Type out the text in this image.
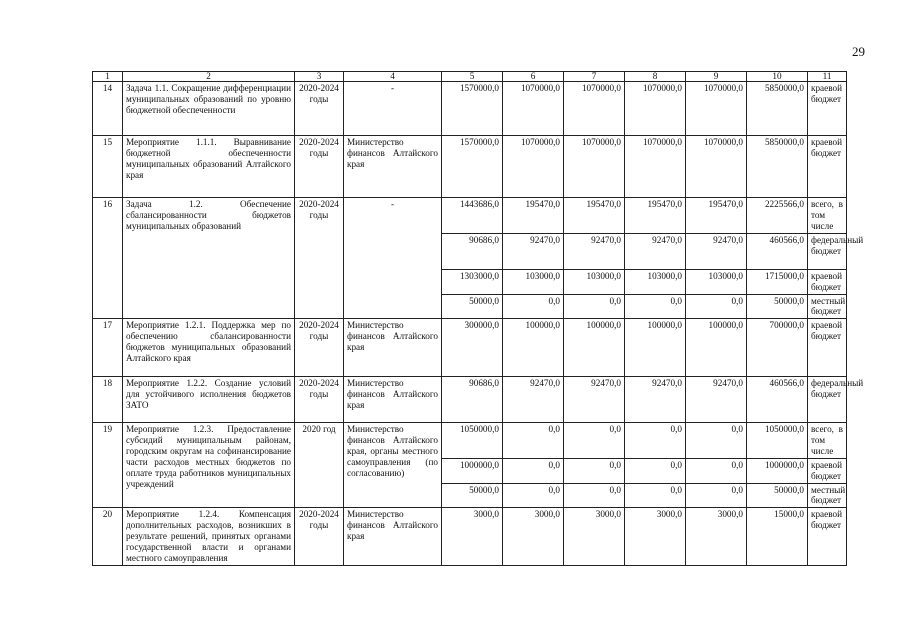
29
1	2	3	4	5	6	7	8	9	10	11
14	Задача 1.1. Сокращение дифференциации муниципальных образований по уровню бюджетной обеспеченности	2020-2024 годы	-	1570000,0	1070000,0	1070000,0	1070000,0	1070000,0	5850000,0	краевой бюджет
15	Мероприятие 1.1.1. Выравнивание бюджетной обеспеченности муниципальных образований Алтайского края	2020-2024 годы	Министерство финансов Алтайского края	1570000,0	1070000,0	1070000,0	1070000,0	1070000,0	5850000,0	краевой бюджет
16	Задача 1.2. Обеспечение сбалансированности бюджетов муниципальных образований	2020-2024 годы	-	1443686,0	195470,0	195470,0	195470,0	195470,0	2225566,0	всего, в том числе
				90686,0	92470,0	92470,0	92470,0	92470,0	460566,0	федеральный бюджет
				1303000,0	103000,0	103000,0	103000,0	103000,0	1715000,0	краевой бюджет
				50000,0	0,0	0,0	0,0	0,0	50000,0	местный бюджет
17	Мероприятие 1.2.1. Поддержка мер по обеспечению сбалансированности бюджетов муниципальных образований Алтайского края	2020-2024 годы	Министерство финансов Алтайского края	300000,0	100000,0	100000,0	100000,0	100000,0	700000,0	краевой бюджет
18	Мероприятие 1.2.2. Создание условий для устойчивого исполнения бюджетов ЗАТО	2020-2024 годы	Министерство финансов Алтайского края	90686,0	92470,0	92470,0	92470,0	92470,0	460566,0	федеральный бюджет
19	Мероприятие 1.2.3. Предоставление субсидий муниципальным районам, городским округам на софинансирование части расходов местных бюджетов по оплате труда работников муниципальных учреждений	2020 год	Министерство финансов Алтайского края, органы местного самоуправления (по согласованию)	1050000,0	0,0	0,0	0,0	0,0	1050000,0	всего, в том числе
				1000000,0	0,0	0,0	0,0	0,0	1000000,0	краевой бюджет
				50000,0	0,0	0,0	0,0	0,0	50000,0	местный бюджет
20	Мероприятие 1.2.4. Компенсация дополнительных расходов, возникших в результате решений, принятых органами государственной власти и органами местного самоуправления	2020-2024 годы	Министерство финансов Алтайского края	3000,0	3000,0	3000,0	3000,0	3000,0	15000,0	краевой бюджет
